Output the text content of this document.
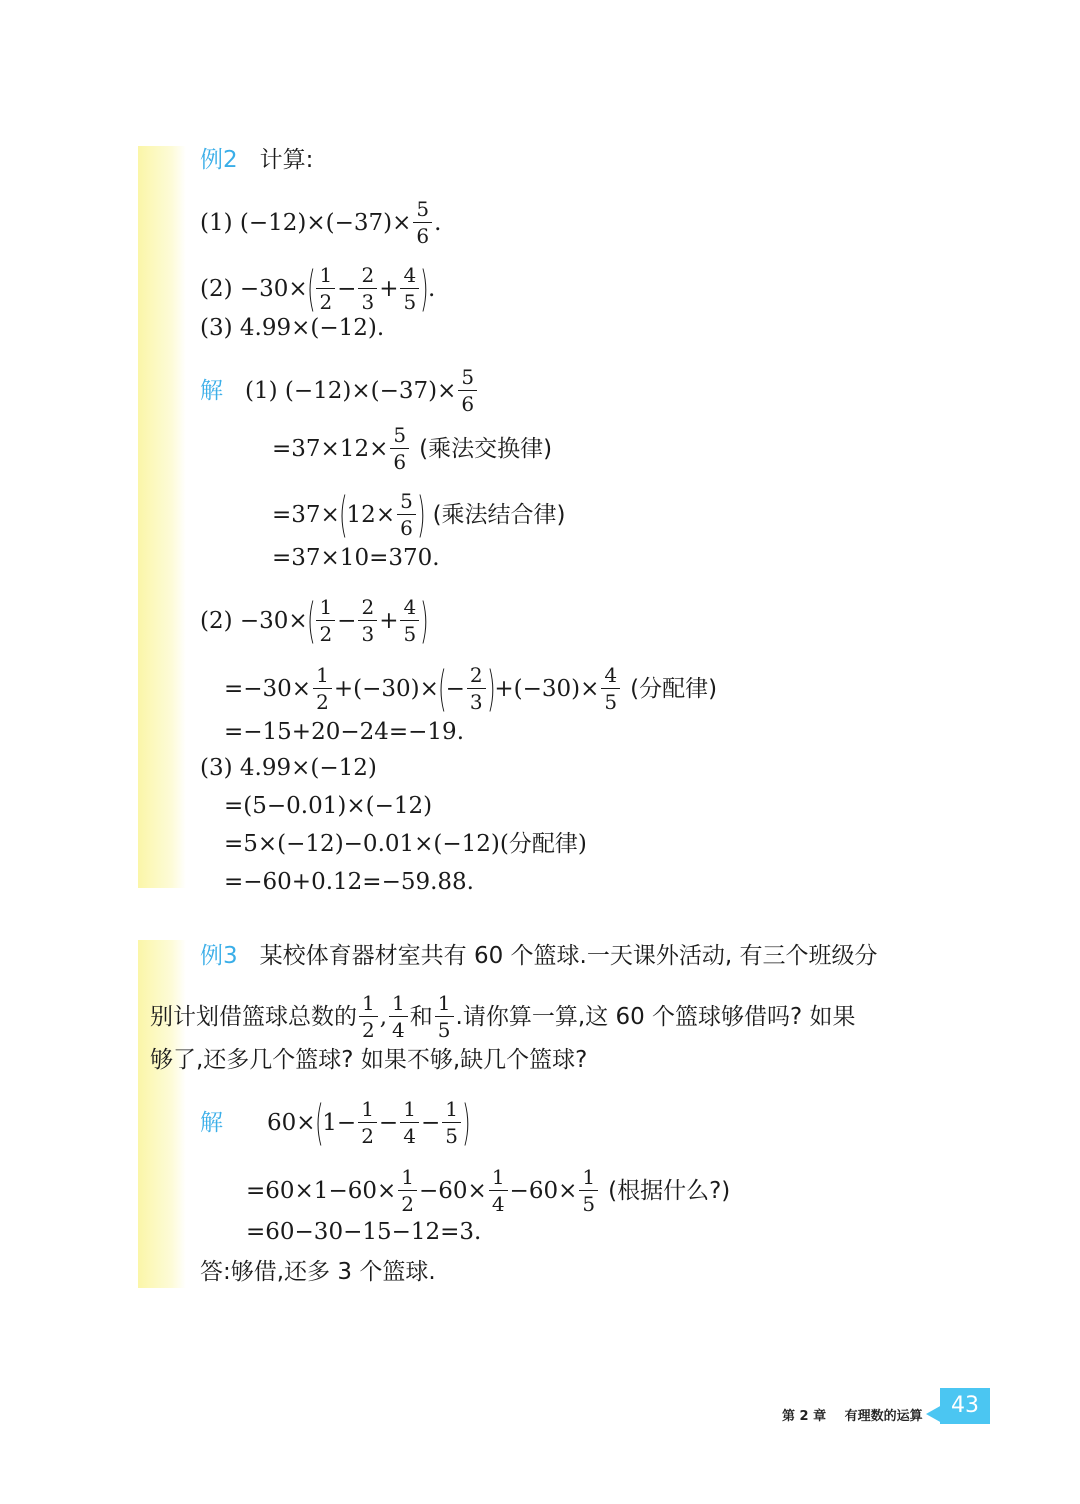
例2 计算:
(1) $(-12)\times(-37)\times \frac{5}{6}$ .
(2) −30× ( 1
2
−
2
3
+
4
5 ) .
(3) 4.99×(−12).
解 (1) $(-12)\times(-37)\times \frac{5}{6}$
$=37\times 12\times \frac{5}{6}$ (乘法交换律)
=37× ( $12\times \frac{5}{6}$ ) (乘法结合律)
=37×10=370.
(2) −30× ( 1
2
−
2
3
+
4
5 )
$=-30\times \frac{1}{2} +(-30)\times$ ( −
2
3 ) $+(-30)\times \frac{4}{5}$ (分配律)
=−15+20−24=−19.
(3) 4.99×(−12)
=(5−0.01)×(−12)
=5×(−12)−0.01×(−12)(分配律)
=−60+0.12=−59.88.
例3 某校体育器材室共有 60 个篮球.一天课外活动, 有三个班级分
别计划借篮球总数的
1
2
,
1
4
和
1
5
.请你算一算,这 60 个篮球够借吗? 如果
够了,还多几个篮球? 如果不够,缺几个篮球?
解 60× ( 1−
1
2
−
1
4
−
1
5 )
$=60\times 1-60\times \frac{1}{2} -60\times$
1
4
−60×
1
5
(根据什么?)
=60−30−15−12=3.
答:够借,还多 3 个篮球.
第 2 章 有理数的运算	43
